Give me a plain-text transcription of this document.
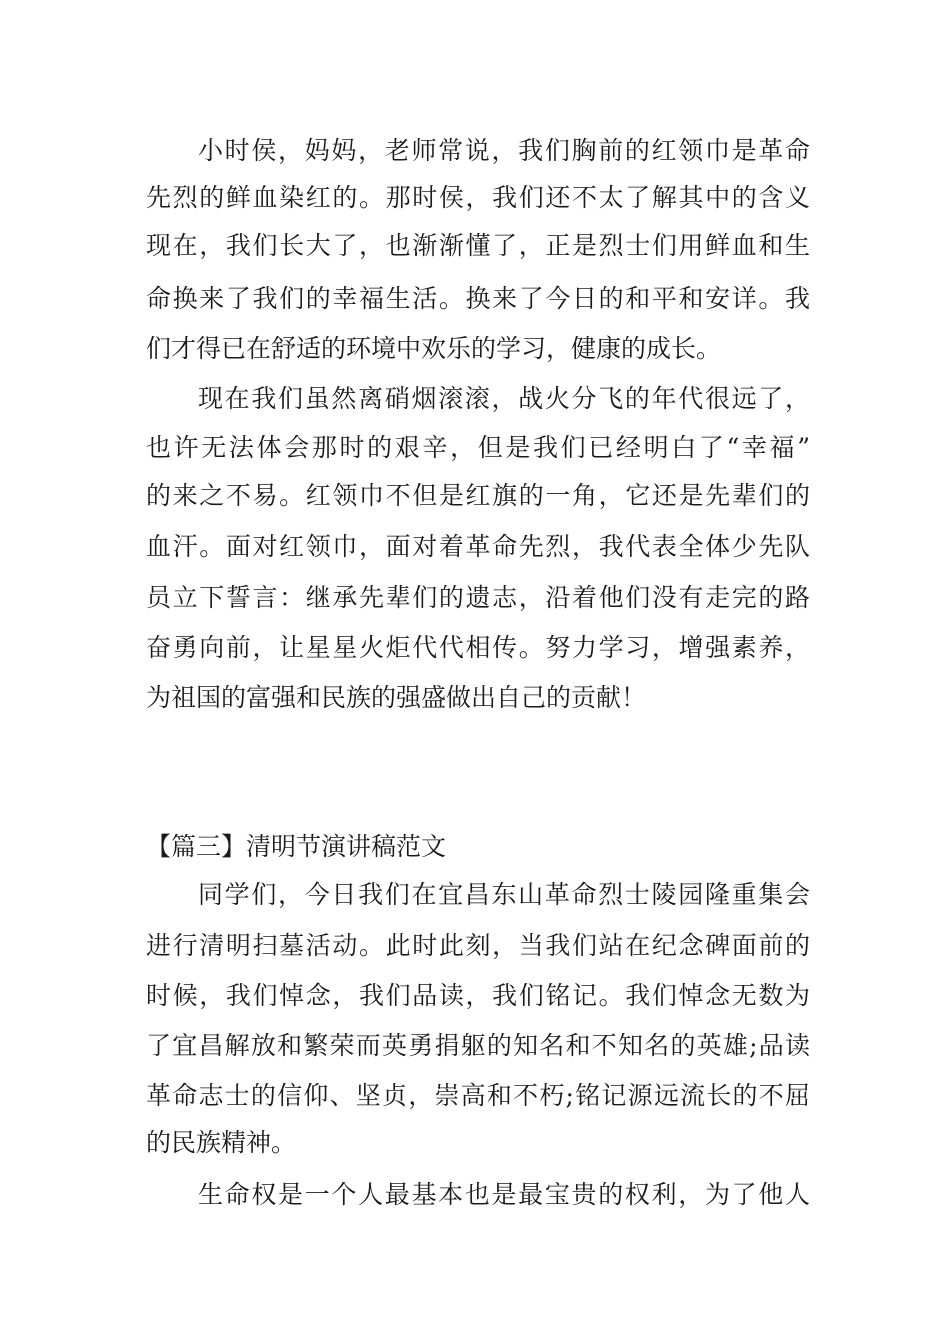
小时侯，妈妈，老师常说，我们胸前的红领巾是革命
先烈的鲜血染红的。那时侯，我们还不太了解其中的含义
现在，我们长大了，也渐渐懂了，正是烈士们用鲜血和生
命换来了我们的幸福生活。换来了今日的和平和安详。我
们才得已在舒适的环境中欢乐的学习，健康的成长。
现在我们虽然离硝烟滚滚，战火分飞的年代很远了，
也许无法体会那时的艰辛，但是我们已经明白了“幸福”
的来之不易。红领巾不但是红旗的一角，它还是先辈们的
血汗。面对红领巾，面对着革命先烈，我代表全体少先队
员立下誓言：继承先辈们的遗志，沿着他们没有走完的路
奋勇向前，让星星火炬代代相传。努力学习，增强素养，
为祖国的富强和民族的强盛做出自己的贡献！
【篇三】清明节演讲稿范文
同学们，今日我们在宜昌东山革命烈士陵园隆重集会
进行清明扫墓活动。此时此刻，当我们站在纪念碑面前的
时候，我们悼念，我们品读，我们铭记。我们悼念无数为
了宜昌解放和繁荣而英勇捐躯的知名和不知名的英雄;品读
革命志士的信仰、坚贞，崇高和不朽;铭记源远流长的不屈
的民族精神。
生命权是一个人最基本也是最宝贵的权利，为了他人
